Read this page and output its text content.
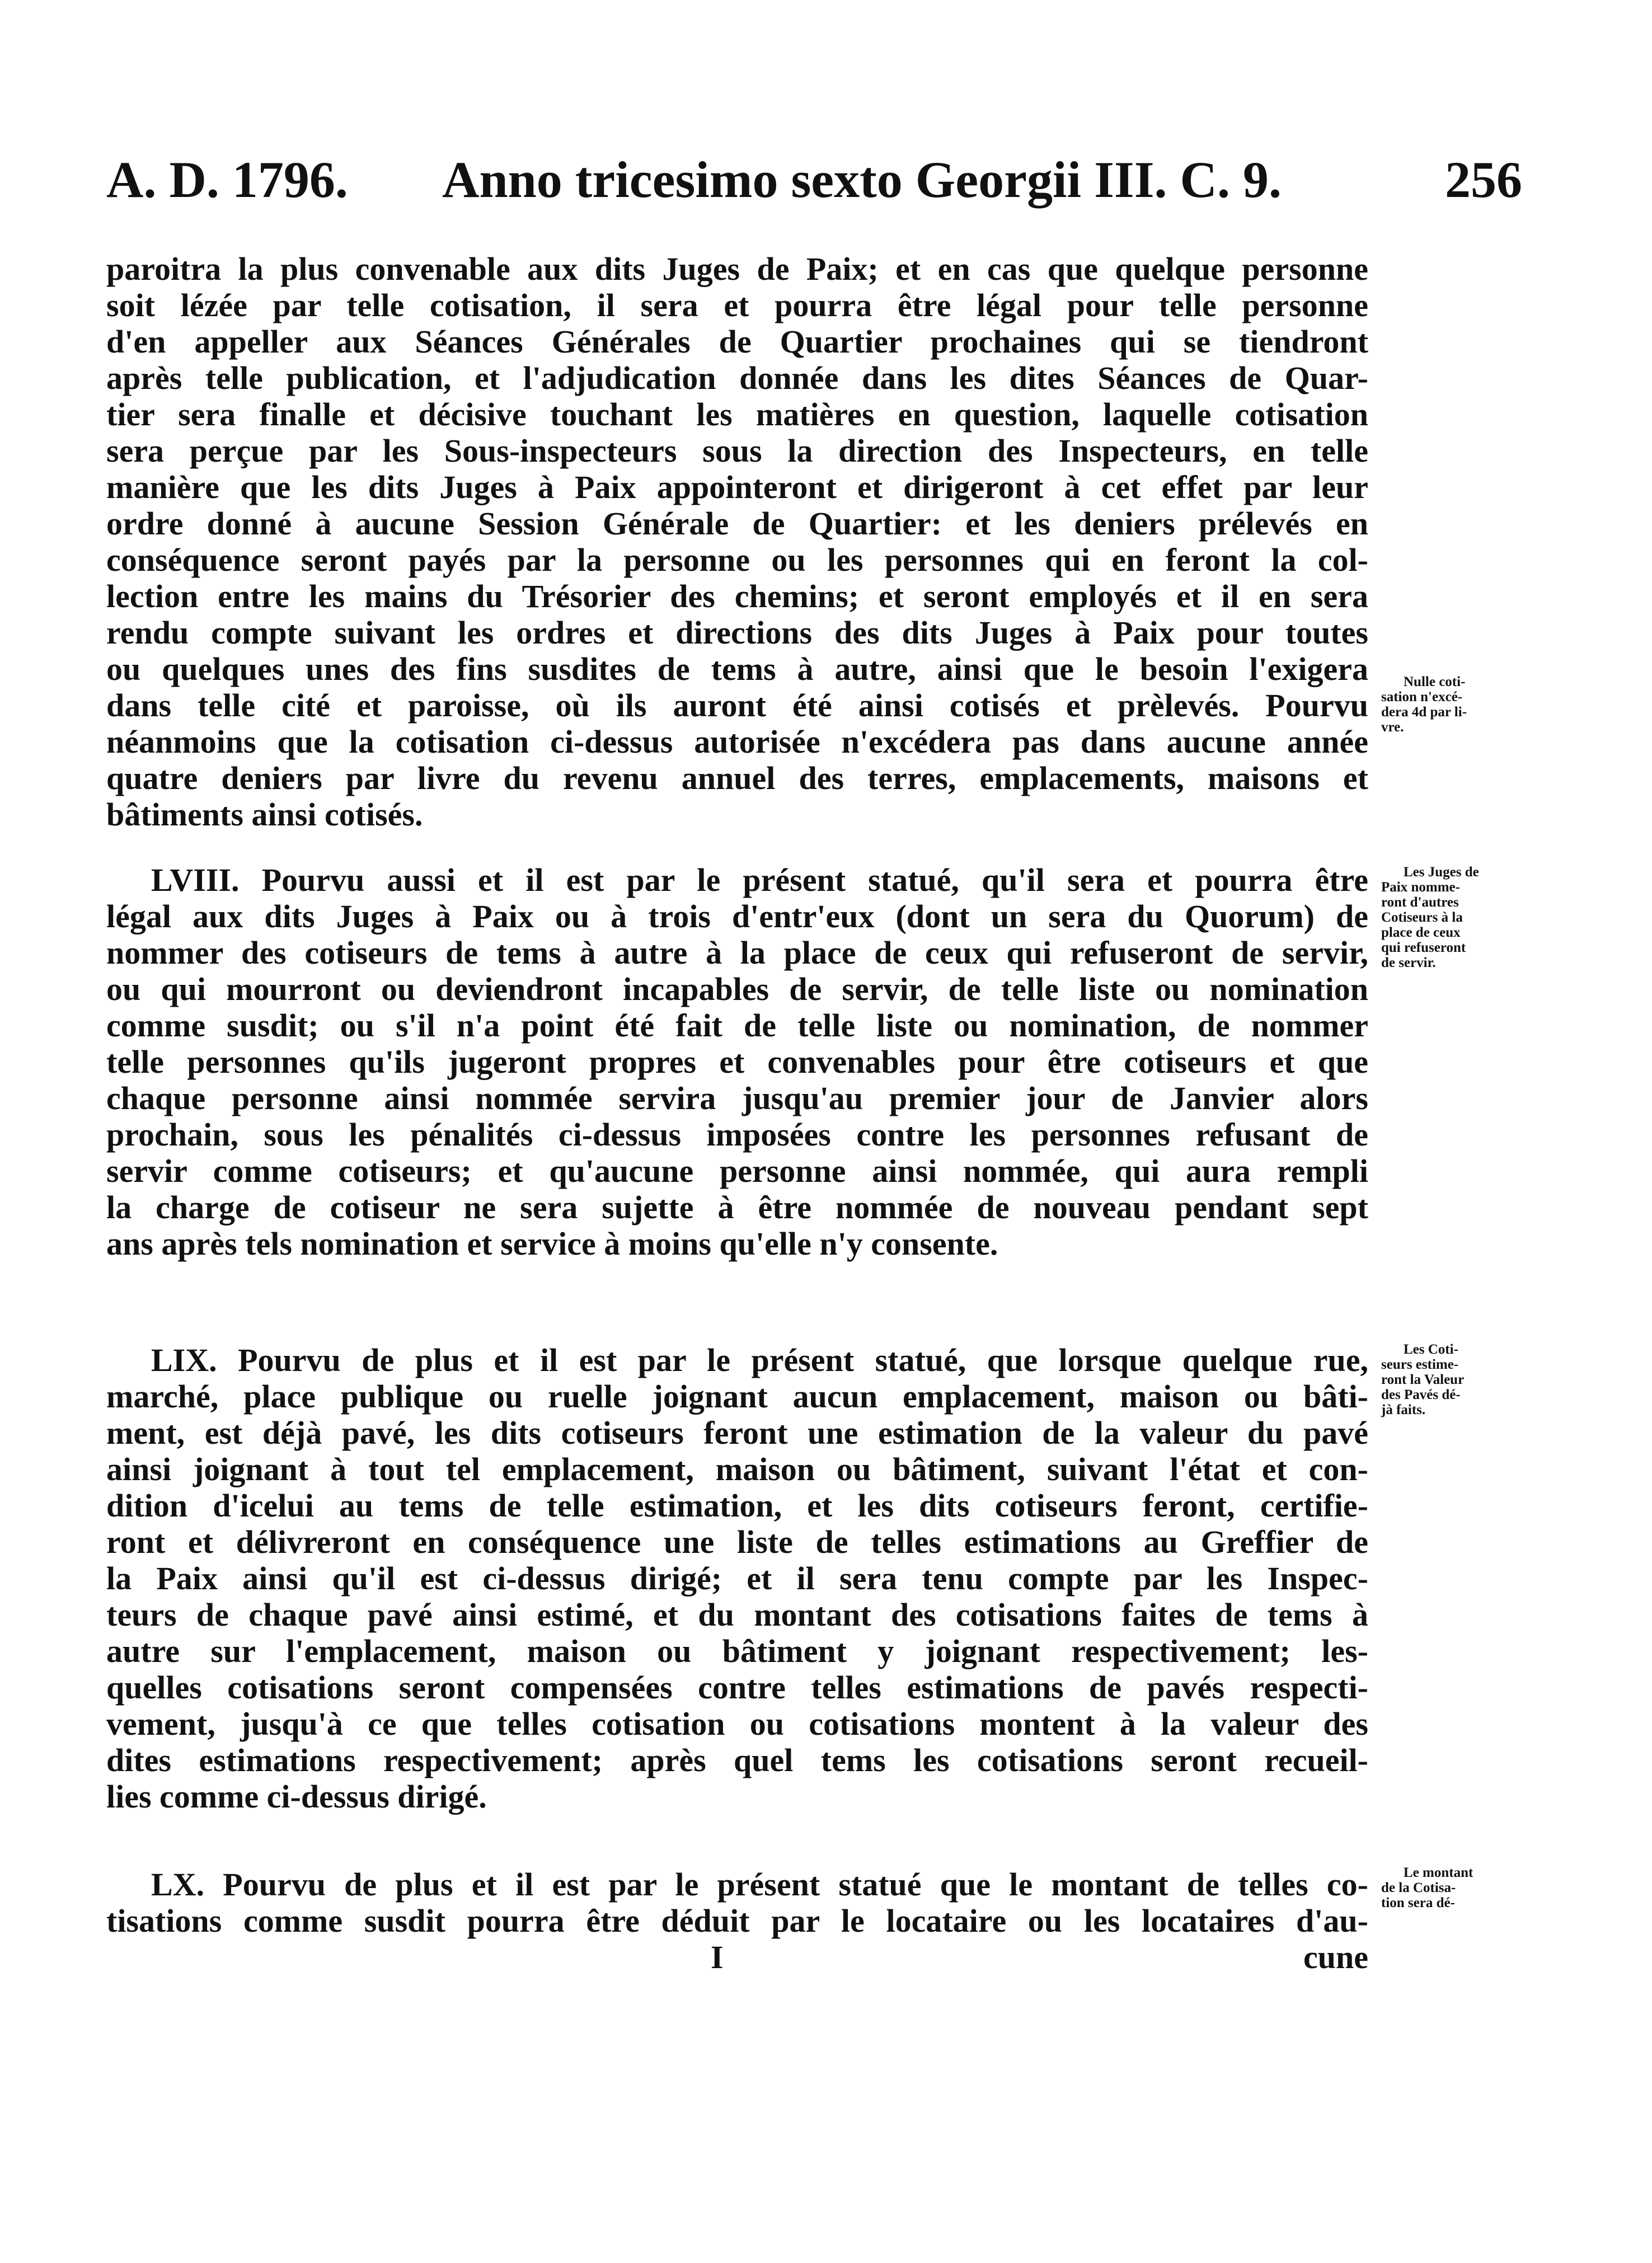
A. D. 1796. Anno tricesimo sexto Georgii III. C. 9.	256
paroitra la plus convenable aux dits Juges de Paix; et en cas que quelque personne
soit lézée par telle cotisation, il sera et pourra être légal pour telle personne
d'en appeller aux Séances Générales de Quartier prochaines qui se tiendront
après telle publication, et l'adjudication donnée dans les dites Séances de Quar-
tier sera finalle et décisive touchant les matières en question, laquelle cotisation
sera perçue par les Sous-inspecteurs sous la direction des Inspecteurs, en telle
manière que les dits Juges à Paix appointeront et dirigeront à cet effet par leur
ordre donné à aucune Session Générale de Quartier: et les deniers prélevés en
conséquence seront payés par la personne ou les personnes qui en feront la col-
lection entre les mains du Trésorier des chemins; et seront employés et il en sera
rendu compte suivant les ordres et directions des dits Juges à Paix pour toutes
ou quelques unes des fins susdites de tems à autre, ainsi que le besoin l'exigera
dans telle cité et paroisse, où ils auront été ainsi cotisés et prèlevés. Pourvu
néanmoins que la cotisation ci-dessus autorisée n'excédera pas dans aucune année
quatre deniers par livre du revenu annuel des terres, emplacements, maisons et
bâtiments ainsi cotisés.
Nulle coti-
sation n'excé-
dera 4d par li-
vre.
LVIII. Pourvu aussi et il est par le présent statué, qu'il sera et pourra être
légal aux dits Juges à Paix ou à trois d'entr'eux (dont un sera du Quorum) de
nommer des cotiseurs de tems à autre à la place de ceux qui refuseront de servir,
ou qui mourront ou deviendront incapables de servir, de telle liste ou nomination
comme susdit; ou s'il n'a point été fait de telle liste ou nomination, de nommer
telle personnes qu'ils jugeront propres et convenables pour être cotiseurs et que
chaque personne ainsi nommée servira jusqu'au premier jour de Janvier alors
prochain, sous les pénalités ci-dessus imposées contre les personnes refusant de
servir comme cotiseurs; et qu'aucune personne ainsi nommée, qui aura rempli
la charge de cotiseur ne sera sujette à être nommée de nouveau pendant sept
ans après tels nomination et service à moins qu'elle n'y consente.
Les Juges de
Paix nomme-
ront d'autres
Cotiseurs à la
place de ceux
qui refuseront
de servir.
LIX. Pourvu de plus et il est par le présent statué, que lorsque quelque rue,
marché, place publique ou ruelle joignant aucun emplacement, maison ou bâti-
ment, est déjà pavé, les dits cotiseurs feront une estimation de la valeur du pavé
ainsi joignant à tout tel emplacement, maison ou bâtiment, suivant l'état et con-
dition d'icelui au tems de telle estimation, et les dits cotiseurs feront, certifie-
ront et délivreront en conséquence une liste de telles estimations au Greffier de
la Paix ainsi qu'il est ci-dessus dirigé; et il sera tenu compte par les Inspec-
teurs de chaque pavé ainsi estimé, et du montant des cotisations faites de tems à
autre sur l'emplacement, maison ou bâtiment y joignant respectivement; les-
quelles cotisations seront compensées contre telles estimations de pavés respecti-
vement, jusqu'à ce que telles cotisation ou cotisations montent à la valeur des
dites estimations respectivement; après quel tems les cotisations seront recueil-
lies comme ci-dessus dirigé.
Les Coti-
seurs estime-
ront la Valeur
des Pavés dé-
jà faits.
LX. Pourvu de plus et il est par le présent statué que le montant de telles co-
tisations comme susdit pourra être déduit par le locataire ou les locataires d'au-
I	cune

Le montant
de la Cotisa-
tion sera dé-
